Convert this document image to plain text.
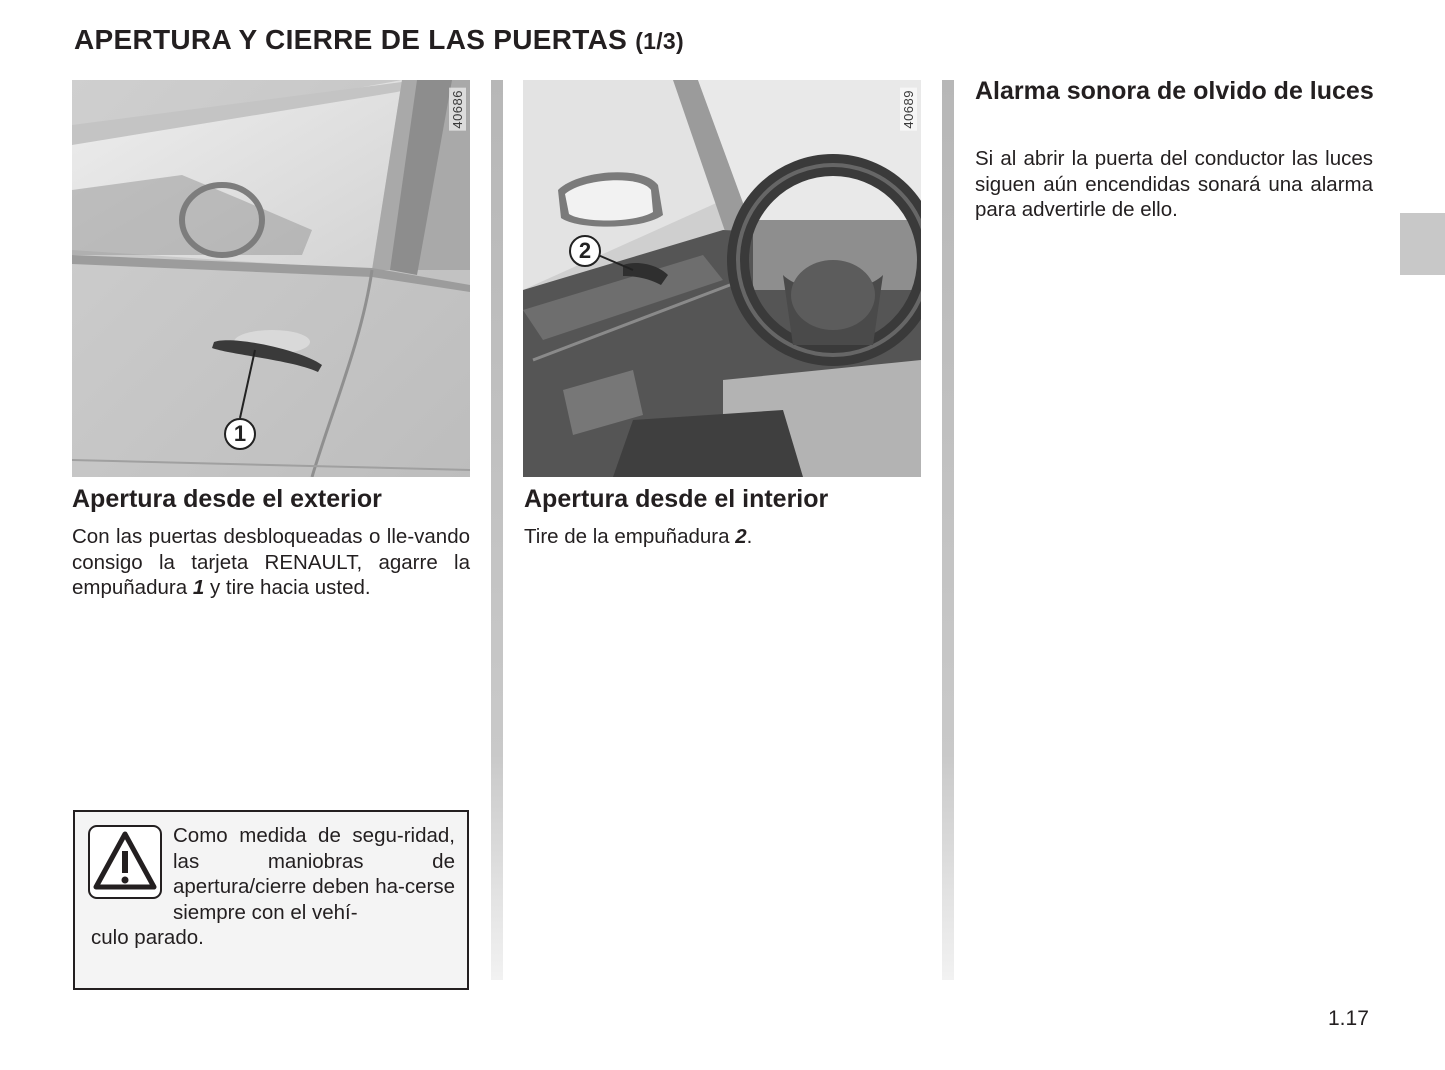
APERTURA Y CIERRE DE LAS PUERTAS (1/3)
40686
1
40689
2
Apertura desde el exterior

Con las puertas desbloqueadas o lle-vando consigo la tarjeta RENAULT, agarre la empuñadura 1 y tire hacia usted.

Apertura desde el interior

Tire de la empuñadura 2.

Alarma sonora de olvido de luces

Si al abrir la puerta del conductor las luces siguen aún encendidas sonará una alarma para advertirle de ello.

Como medida de segu-ridad, las maniobras de apertura/cierre deben ha-cerse siempre con el vehí-

culo parado.

1.17
